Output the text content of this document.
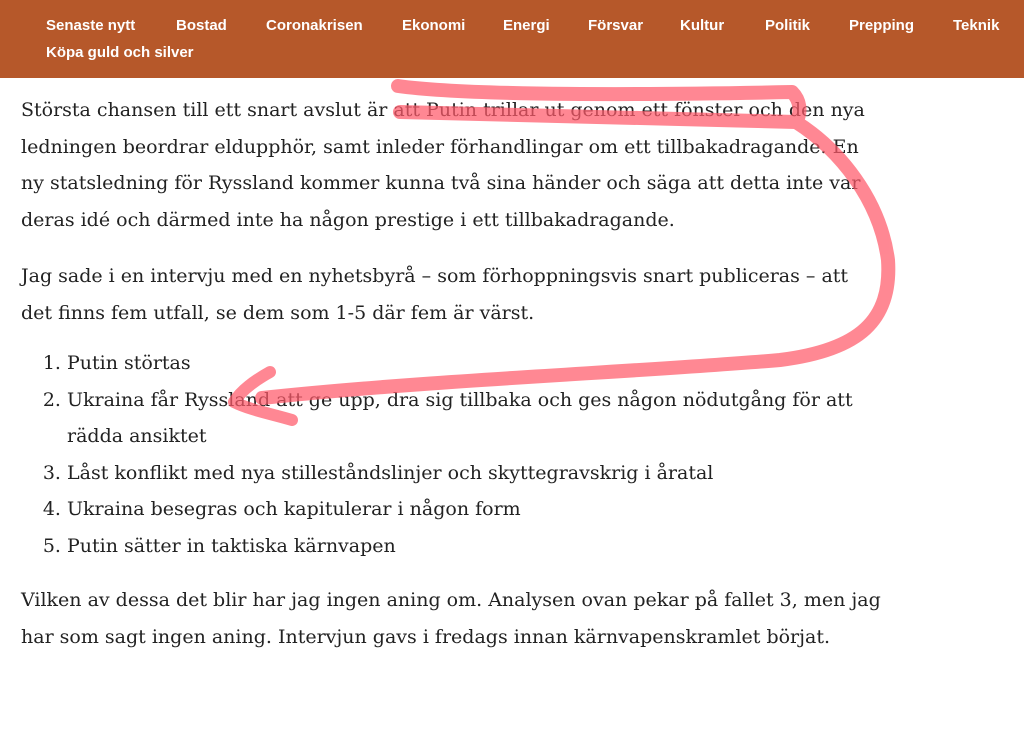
Senaste nytt	Bostad	Coronakrisen	Ekonomi	Energi	Försvar Kultur	Politik	Prepping	Teknik
Köpa guld och silver

Största chansen till ett snart avslut är att Putin trillar ut genom ett fönster och den nya ledningen beordrar eldupphör, samt inleder förhandlingar om ett tillbakadragande. En ny statsledning för Ryssland kommer kunna två sina händer och säga att detta inte var deras idé och därmed inte ha någon prestige i ett tillbakadragande.

Jag sade i en intervju med en nyhetsbyrå – som förhoppningsvis snart publiceras – att det finns fem utfall, se dem som 1-5 där fem är värst.

1. Putin störtas
2. Ukraina får Ryssland att ge upp, dra sig tillbaka och ges någon nödutgång för att rädda ansiktet
3. Låst konflikt med nya stilleståndslinjer och skyttegravskrig i åratal
4. Ukraina besegras och kapitulerar i någon form
5. Putin sätter in taktiska kärnvapen

Vilken av dessa det blir har jag ingen aning om. Analysen ovan pekar på fallet 3, men jag har som sagt ingen aning. Intervjun gavs i fredags innan kärnvapenskramlet börjat.
